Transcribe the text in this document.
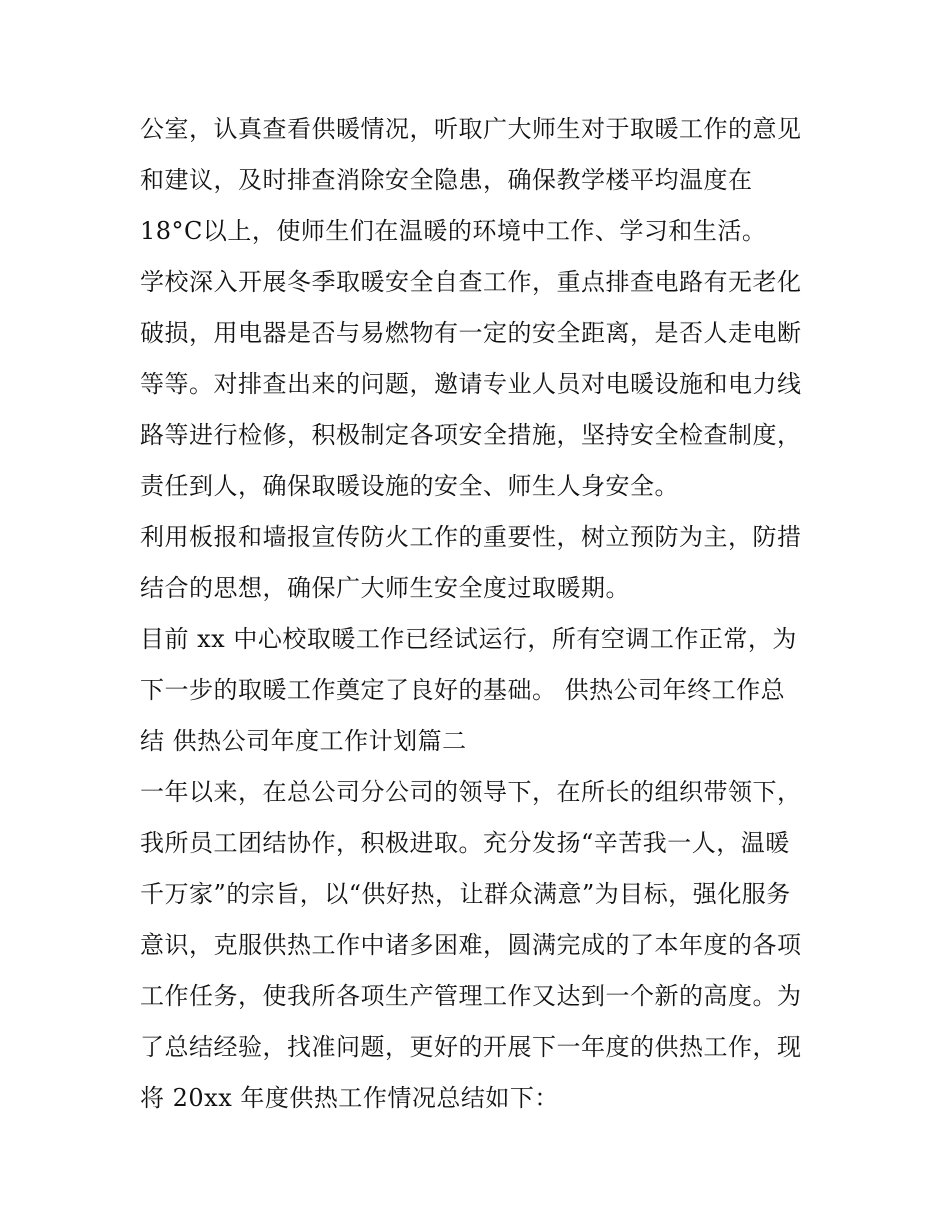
公室，认真查看供暖情况，听取广大师生对于取暖工作的意见
和建议，及时排查消除安全隐患，确保教学楼平均温度在
18°C以上，使师生们在温暖的环境中工作、学习和生活。
学校深入开展冬季取暖安全自查工作，重点排查电路有无老化
破损，用电器是否与易燃物有一定的安全距离，是否人走电断
等等。对排查出来的问题，邀请专业人员对电暖设施和电力线
路等进行检修，积极制定各项安全措施，坚持安全检查制度，
责任到人，确保取暖设施的安全、师生人身安全。
利用板报和墙报宣传防火工作的重要性，树立预防为主，防措
结合的思想，确保广大师生安全度过取暖期。
目前 xx 中心校取暖工作已经试运行，所有空调工作正常，为
下一步的取暖工作奠定了良好的基础。 供热公司年终工作总
结 供热公司年度工作计划篇二
一年以来，在总公司分公司的领导下，在所长的组织带领下，
我所员工团结协作，积极进取。充分发扬“辛苦我一人，温暖
千万家”的宗旨，以“供好热，让群众满意”为目标，强化服务
意识，克服供热工作中诸多困难，圆满完成的了本年度的各项
工作任务，使我所各项生产管理工作又达到一个新的高度。为
了总结经验，找准问题，更好的开展下一年度的供热工作，现
将 20xx 年度供热工作情况总结如下：
